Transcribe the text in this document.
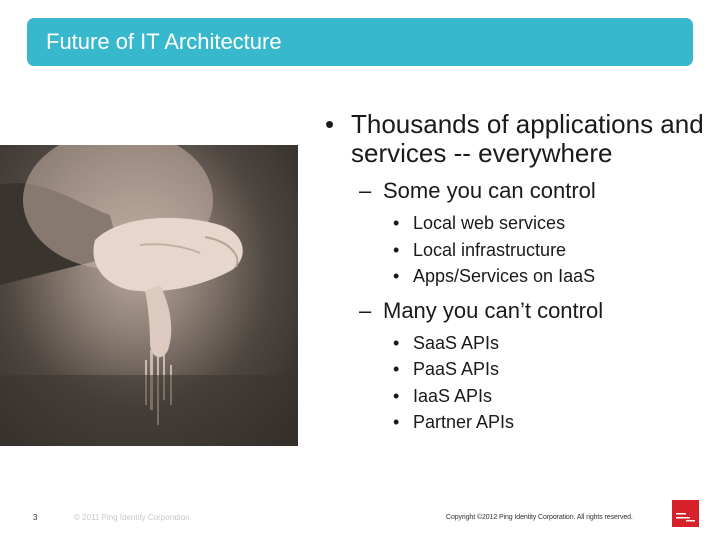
Future of IT Architecture
• Thousands of applications and services -- everywhere
– Some you can control
• Local web services
• Local infrastructure
• Apps/Services on IaaS
– Many you can’t control
• SaaS APIs
• PaaS APIs
• IaaS APIs
• Partner APIs
3	© 2011 Ping Identity Corporation	Copyright ©2012 Ping Identity Corporation. All rights reserved.
